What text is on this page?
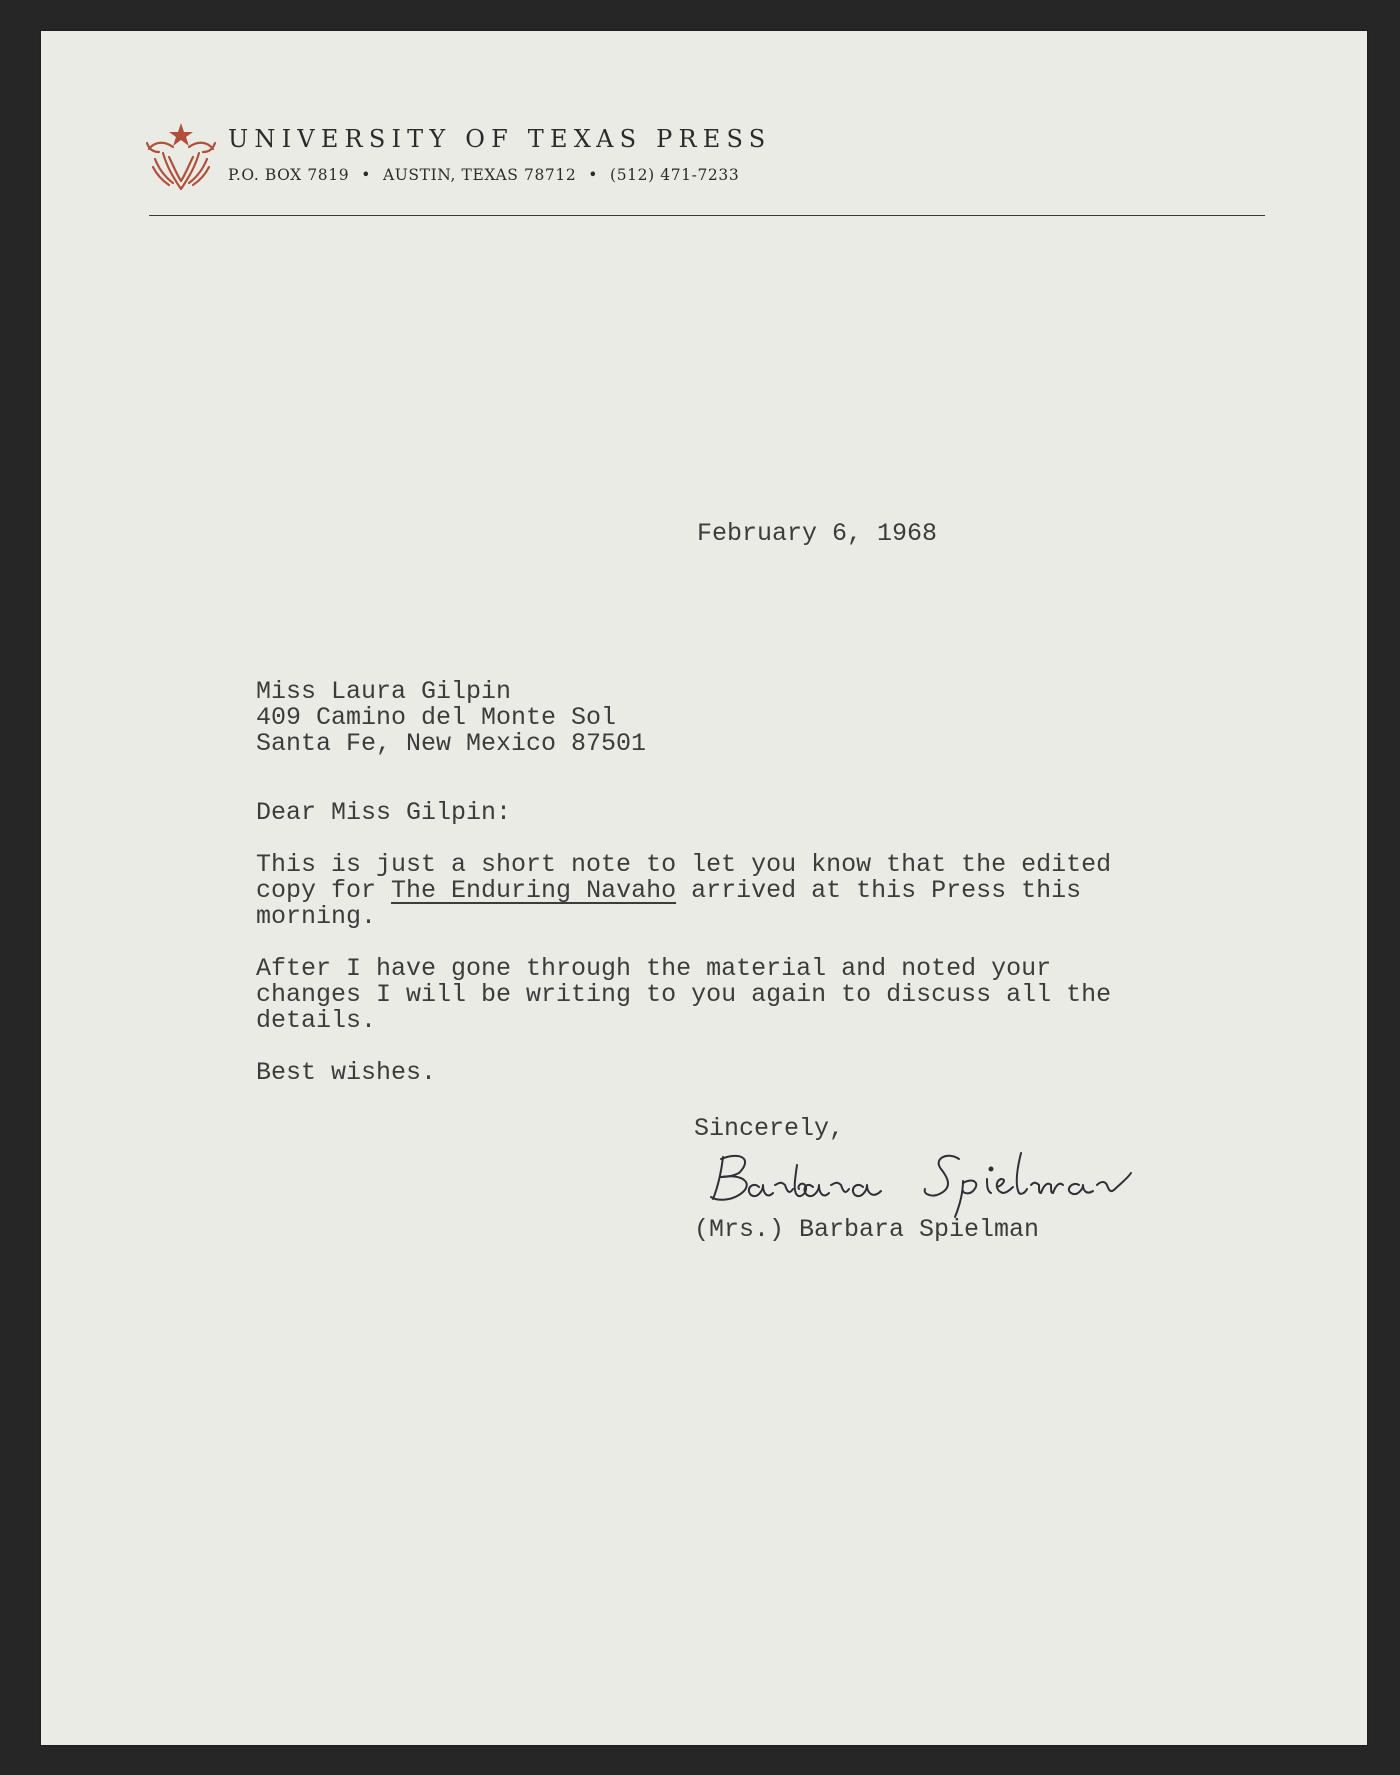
UNIVERSITY OF TEXAS PRESS
P.O. BOX 7819 • AUSTIN, TEXAS 78712 • (512) 471-7233
February 6, 1968
Miss Laura Gilpin
409 Camino del Monte Sol
Santa Fe, New Mexico 87501
Dear Miss Gilpin:
This is just a short note to let you know that the edited
copy for The Enduring Navaho arrived at this Press this
morning.
After I have gone through the material and noted your
changes I will be writing to you again to discuss all the
details.
Best wishes.
Sincerely,
(Mrs.) Barbara Spielman
